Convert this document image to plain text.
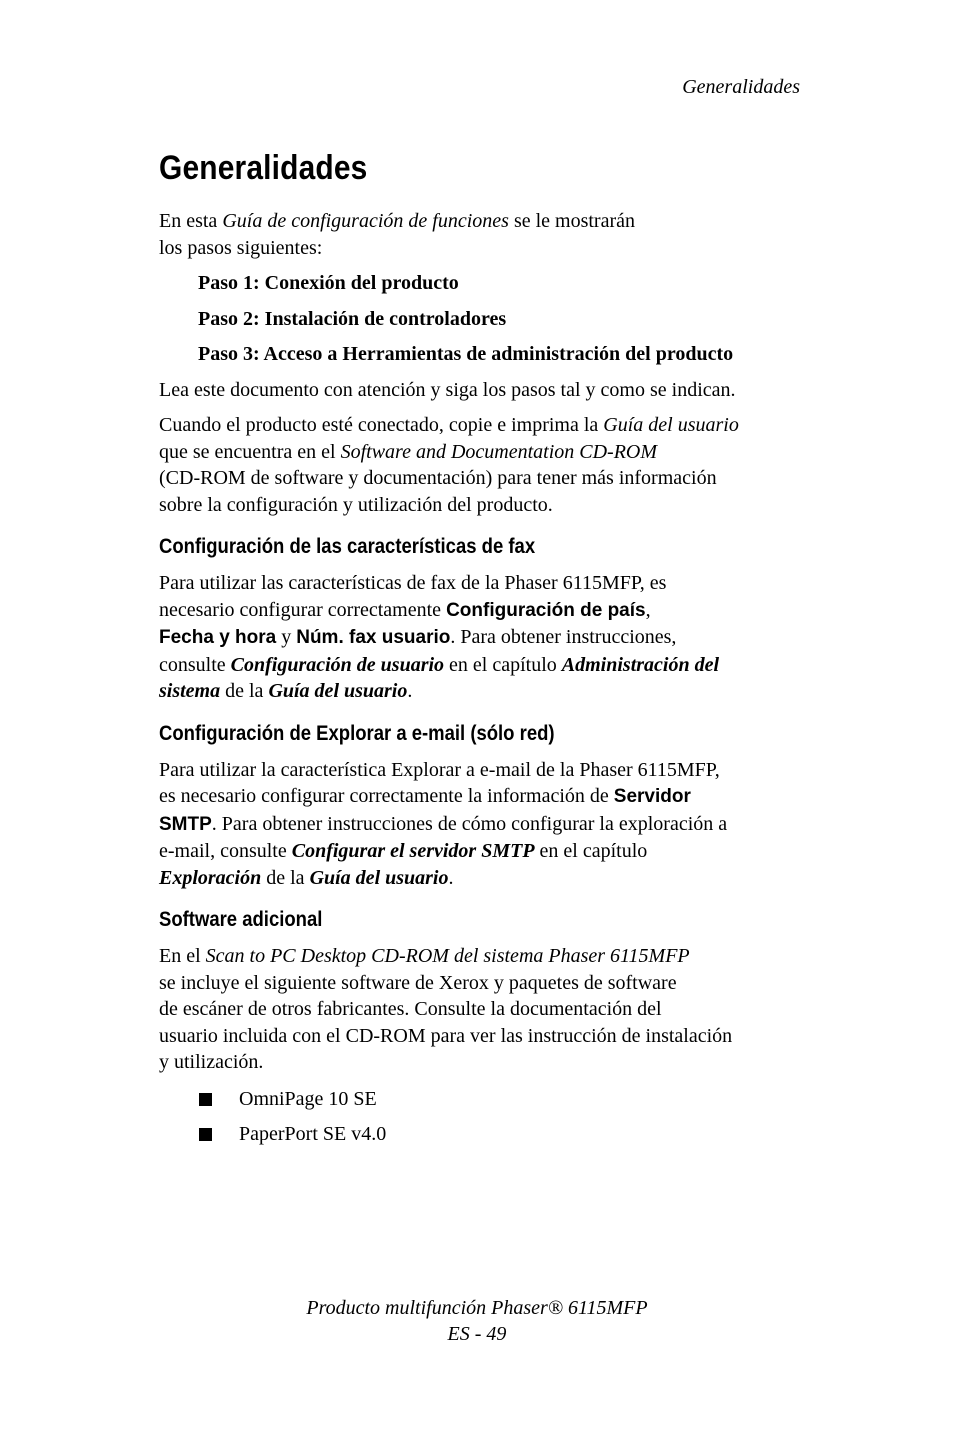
Generalidades
Generalidades

En esta Guía de configuración de funciones se le mostrarán
los pasos siguientes:

Paso 1: Conexión del producto

Paso 2: Instalación de controladores

Paso 3: Acceso a Herramientas de administración del producto

Lea este documento con atención y siga los pasos tal y como se indican.

Cuando el producto esté conectado, copie e imprima la Guía del usuario
que se encuentra en el Software and Documentation CD-ROM
(CD-ROM de software y documentación) para tener más información
sobre la configuración y utilización del producto.

Configuración de las características de fax

Para utilizar las características de fax de la Phaser 6115MFP, es
necesario configurar correctamente Configuración de país,
Fecha y hora y Núm. fax usuario. Para obtener instrucciones,
consulte Configuración de usuario en el capítulo Administración del
sistema de la Guía del usuario.

Configuración de Explorar a e-mail (sólo red)

Para utilizar la característica Explorar a e-mail de la Phaser 6115MFP,
es necesario configurar correctamente la información de Servidor
SMTP. Para obtener instrucciones de cómo configurar la exploración a
e-mail, consulte Configurar el servidor SMTP en el capítulo
Exploración de la Guía del usuario.

Software adicional

En el Scan to PC Desktop CD-ROM del sistema Phaser 6115MFP
se incluye el siguiente software de Xerox y paquetes de software
de escáner de otros fabricantes. Consulte la documentación del
usuario incluida con el CD-ROM para ver las instrucción de instalación
y utilización.

OmniPage 10 SE
PaperPort SE v4.0
Producto multifunción Phaser® 6115MFP
ES - 49
